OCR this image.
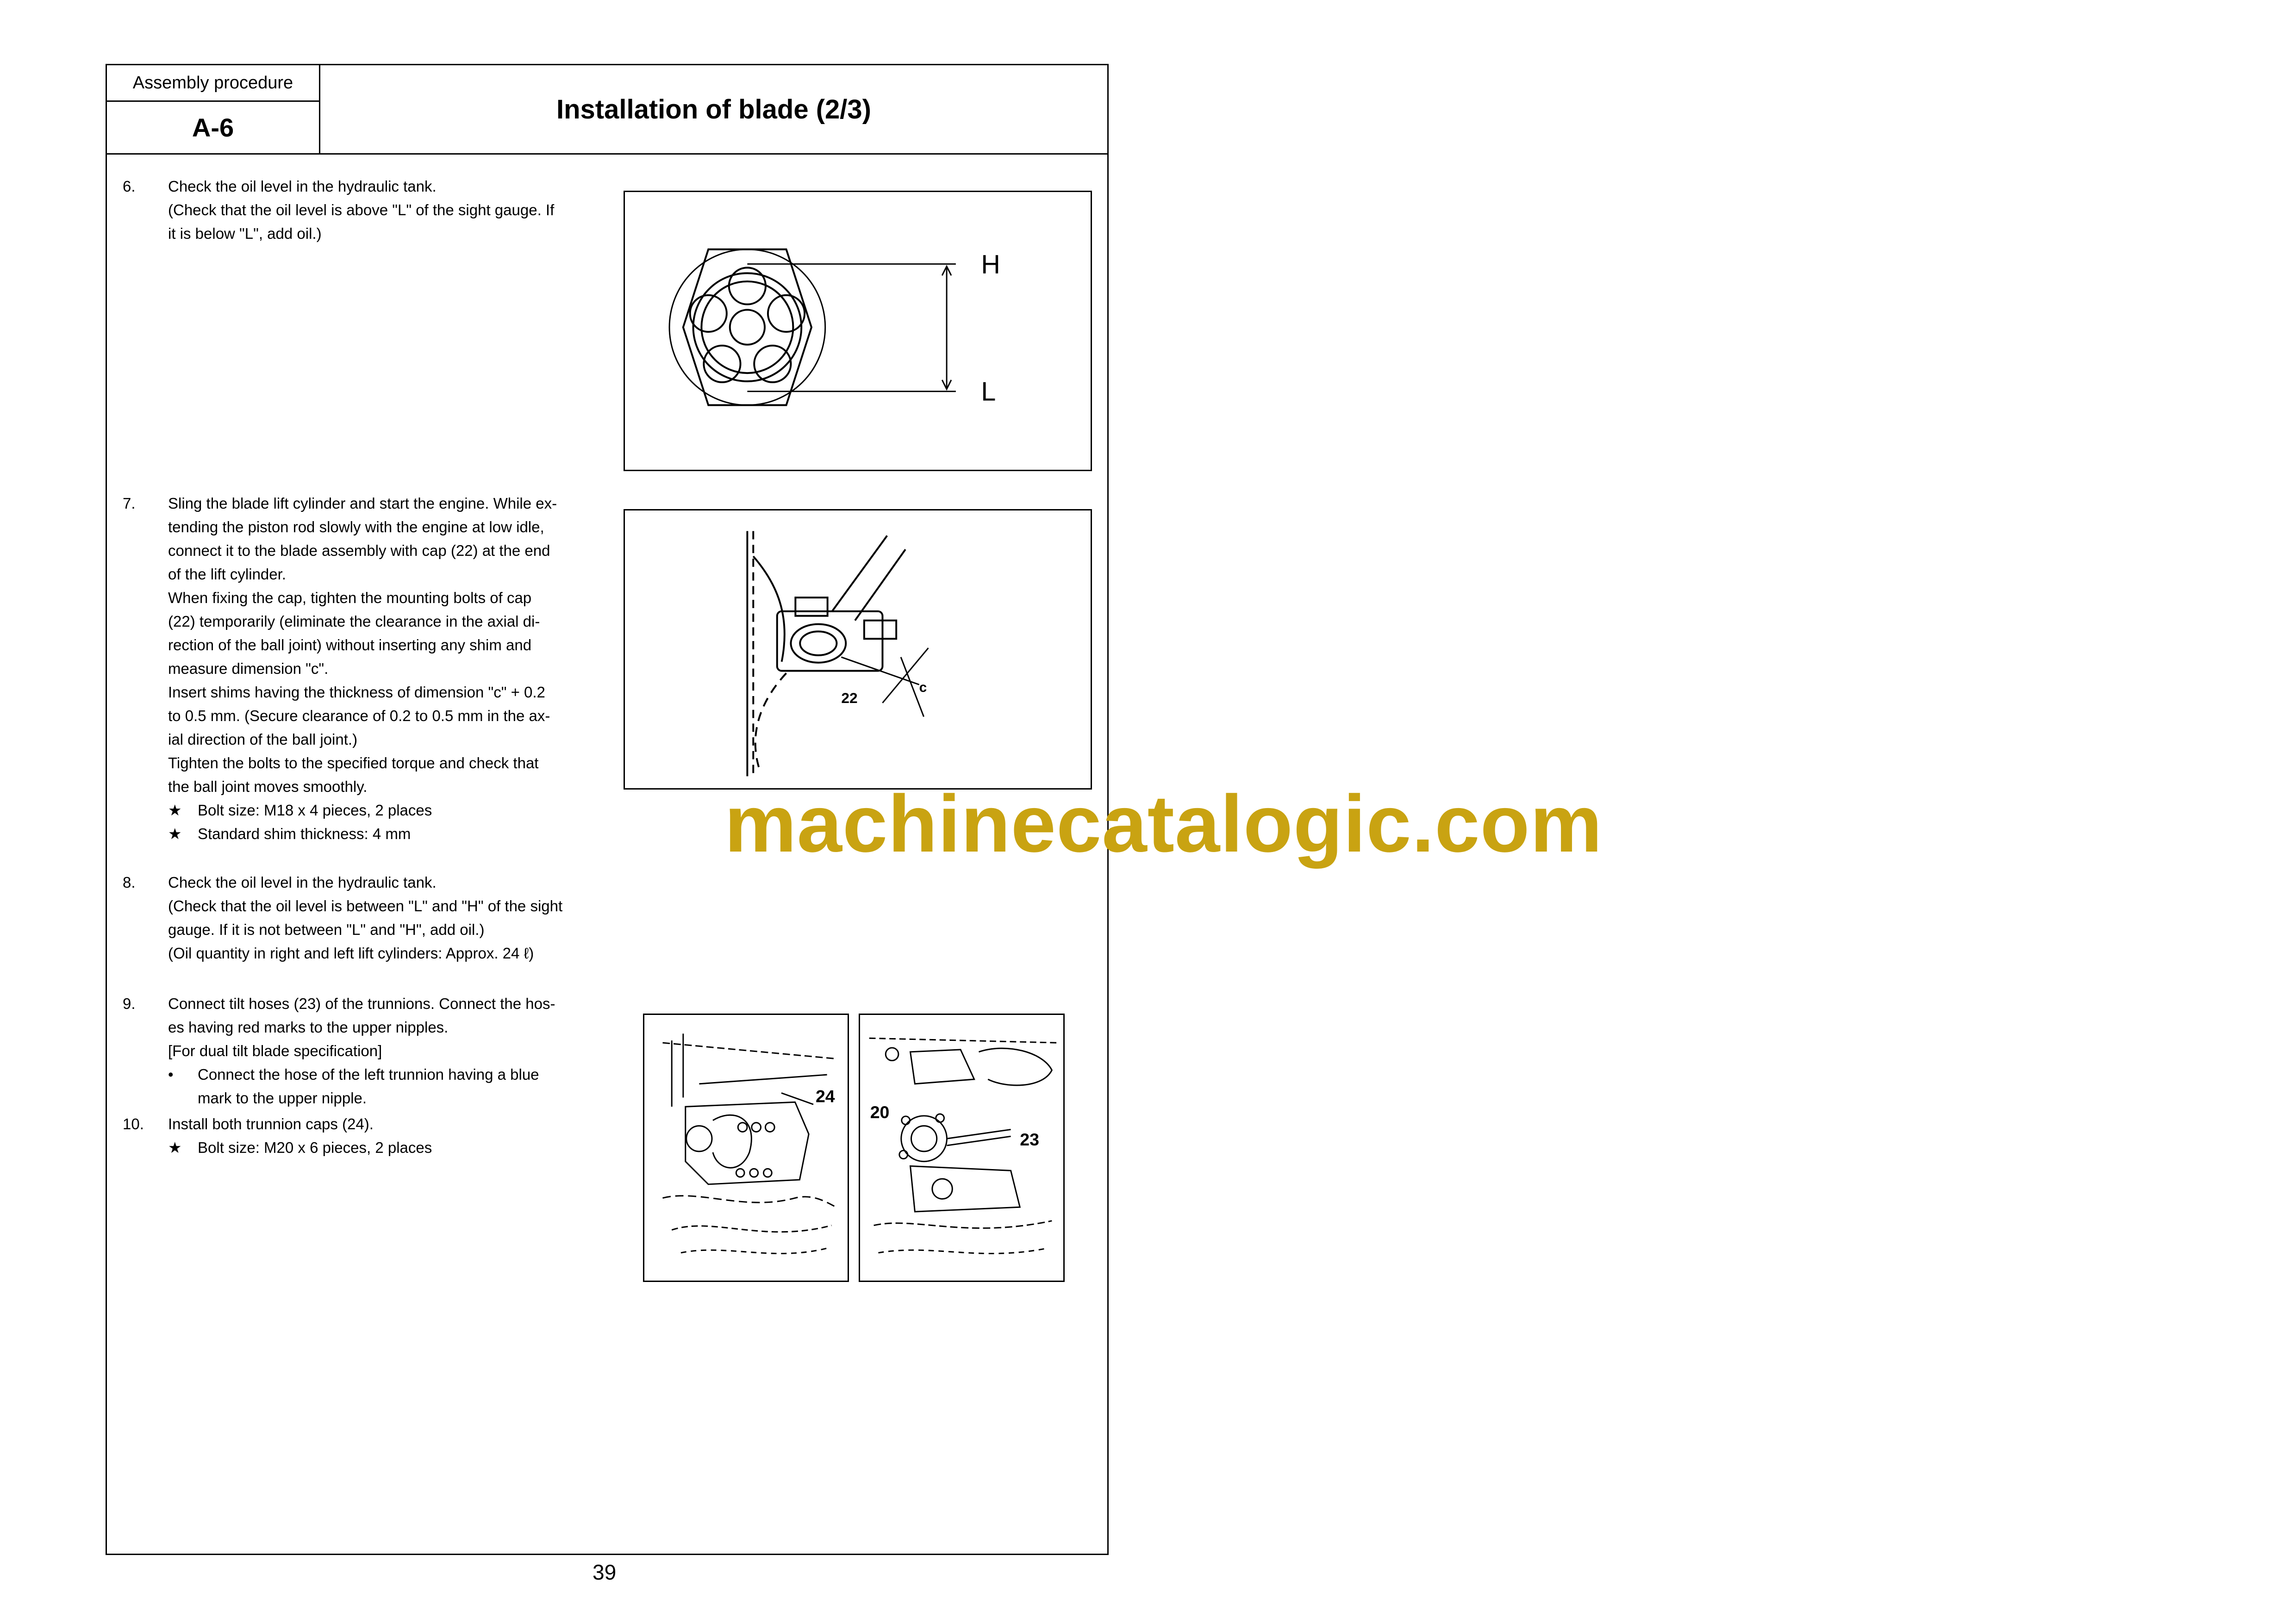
Assembly procedure
A-6
Installation of blade (2/3)
6. Check the oil level in the hydraulic tank.
(Check that the oil level is above "L" of the sight gauge. If
it is below "L", add oil.)
7. Sling the blade lift cylinder and start the engine. While ex-
tending the piston rod slowly with the engine at low idle,
connect it to the blade assembly with cap (22) at the end
of the lift cylinder.
When fixing the cap, tighten the mounting bolts of cap
(22) temporarily (eliminate the clearance in the axial di-
rection of the ball joint) without inserting any shim and
measure dimension "c".
Insert shims having the thickness of dimension "c" + 0.2
to 0.5 mm. (Secure clearance of 0.2 to 0.5 mm in the ax-
ial direction of the ball joint.)
Tighten the bolts to the specified torque and check that
the ball joint moves smoothly.
★ Bolt size: M18 x 4 pieces, 2 places
★ Standard shim thickness: 4 mm
8. Check the oil level in the hydraulic tank.
(Check that the oil level is between "L" and "H" of the sight
gauge. If it is not between "L" and "H", add oil.)
(Oil quantity in right and left lift cylinders: Approx. 24 ℓ)
9. Connect tilt hoses (23) of the trunnions. Connect the hos-
es having red marks to the upper nipples.
[For dual tilt blade specification]
• Connect the hose of the left trunnion having a blue
mark to the upper nipple.
10. Install both trunnion caps (24).
★ Bolt size: M20 x 6 pieces, 2 places
H
L
22
c
24
20
23
machinecatalogic.com
39
